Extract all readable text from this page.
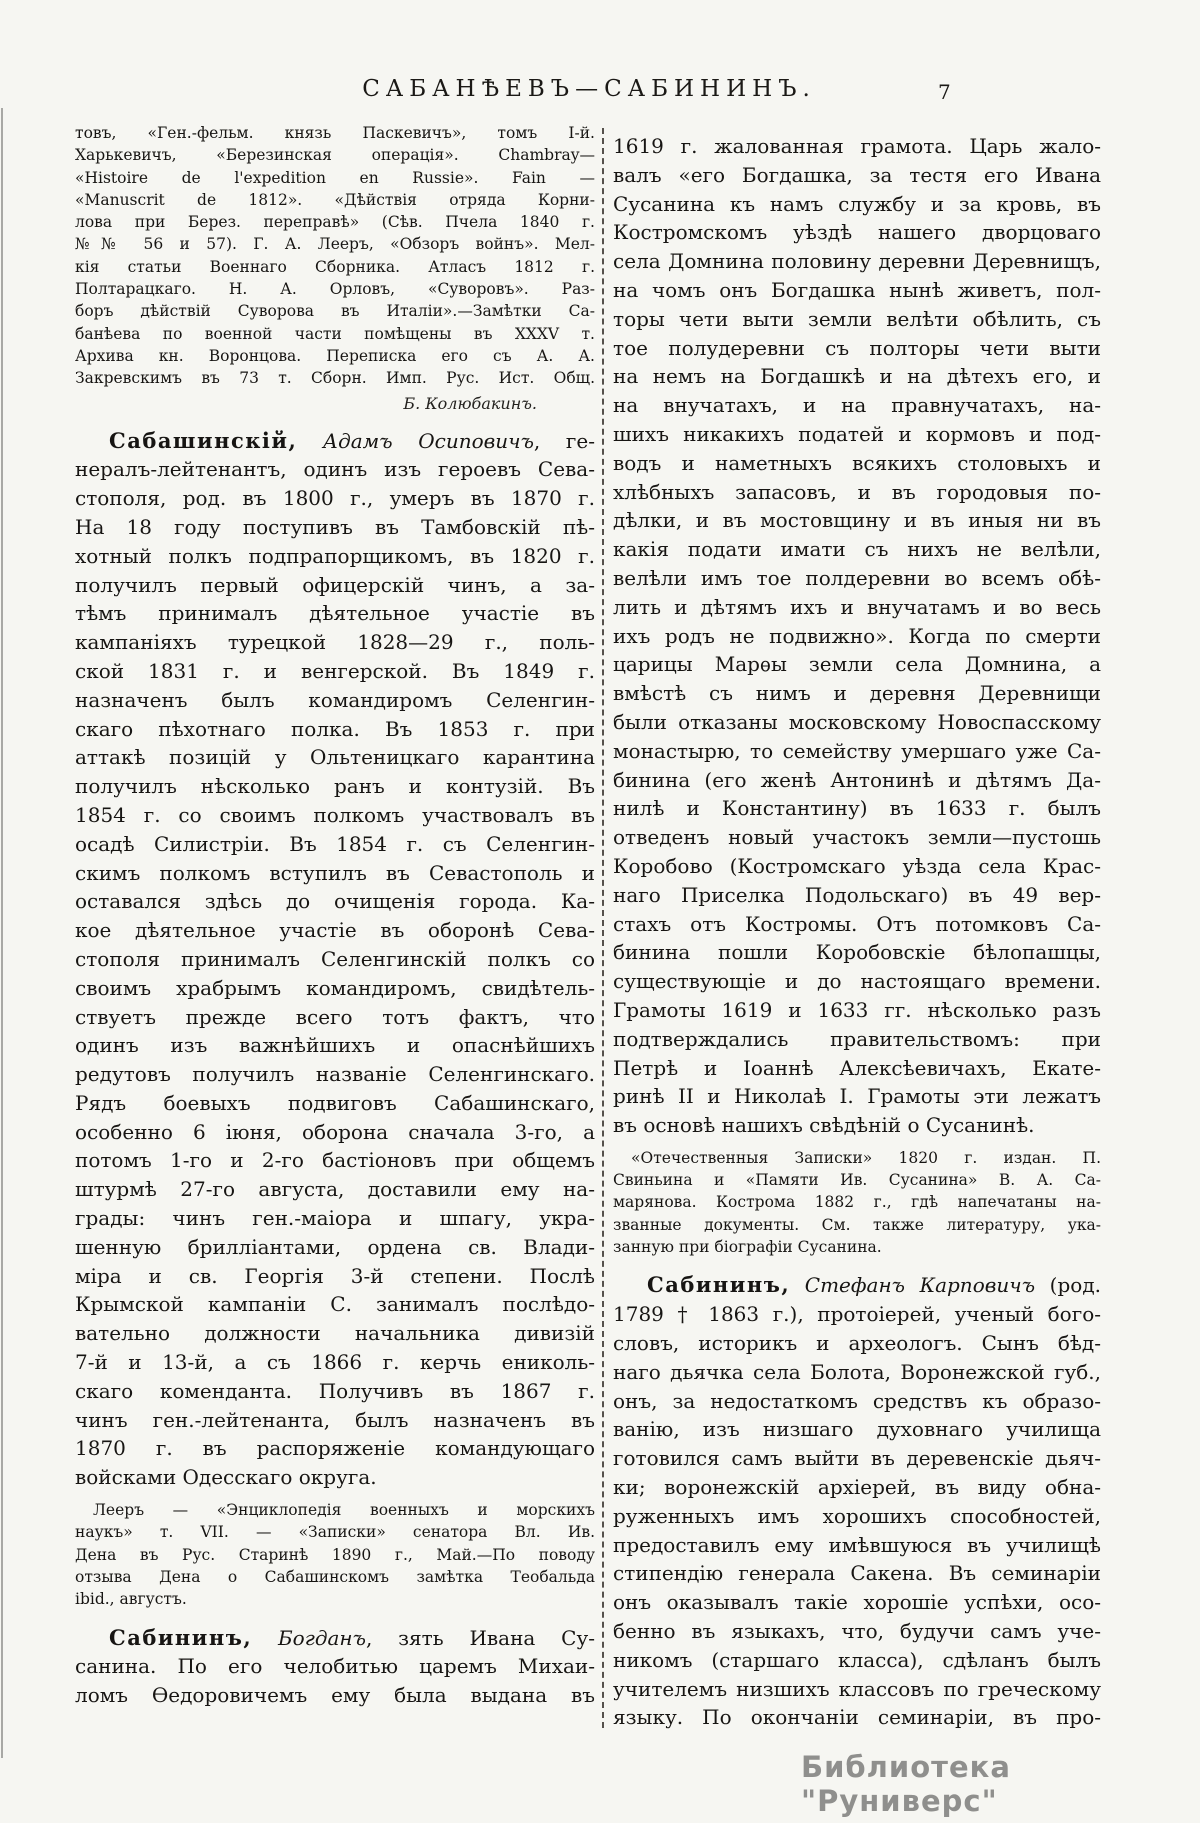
САБАНѢЕВЪ—САБИНИНЪ.	7
товъ, «Ген.-фельм. князь Паскевичъ», томъ I-й.
Харькевичъ, «Березинская операція». Chambray—
«Histoire de l'expedition en Russie». Fain —
«Manuscrit de 1812». «Дѣйствія отряда Корни-
лова при Берез. переправѣ» (Сѣв. Пчела 1840 г.
№№ 56 и 57). Г. А. Лееръ, «Обзоръ войнъ». Мел-
кія статьи Военнаго Сборника. Атласъ 1812 г.
Полтарацкаго. Н. А. Орловъ, «Суворовъ». Раз-
боръ дѣйствій Суворова въ Италіи».—Замѣтки Са-
банѣева по военной части помѣщены въ XXXV т.
Архива кн. Воронцова. Переписка его съ А. А.
Закревскимъ въ 73 т. Сборн. Имп. Рус. Ист. Общ.
Б. Колюбакинъ.
Сабашинскій, Адамъ Осиповичъ, ге-
нералъ-лейтенантъ, одинъ изъ героевъ Сева-
стополя, род. въ 1800 г., умеръ въ 1870 г.
На 18 году поступивъ въ Тамбовскій пѣ-
хотный полкъ подпрапорщикомъ, въ 1820 г.
получилъ первый офицерскій чинъ, а за-
тѣмъ принималъ дѣятельное участіе въ
кампаніяхъ турецкой 1828—29 г., поль-
ской 1831 г. и венгерской. Въ 1849 г.
назначенъ былъ командиромъ Селенгин-
скаго пѣхотнаго полка. Въ 1853 г. при
аттакѣ позицій у Ольтеницкаго карантина
получилъ нѣсколько ранъ и контузій. Въ
1854 г. со своимъ полкомъ участвовалъ въ
осадѣ Силистріи. Въ 1854 г. съ Селенгин-
скимъ полкомъ вступилъ въ Севастополь и
оставался здѣсь до очищенія города. Ка-
кое дѣятельное участіе въ оборонѣ Сева-
стополя принималъ Селенгинскій полкъ со
своимъ храбрымъ командиромъ, свидѣтель-
ствуетъ прежде всего тотъ фактъ, что
одинъ изъ важнѣйшихъ и опаснѣйшихъ
редутовъ получилъ названіе Селенгинскаго.
Рядъ боевыхъ подвиговъ Сабашинскаго,
особенно 6 іюня, оборона сначала 3-го, а
потомъ 1-го и 2-го бастіоновъ при общемъ
штурмѣ 27-го августа, доставили ему на-
грады: чинъ ген.-маіора и шпагу, укра-
шенную брилліантами, ордена св. Влади-
міра и св. Георгія 3-й степени. Послѣ
Крымской кампаніи С. занималъ послѣдо-
вательно должности начальника дивизій
7-й и 13-й, а съ 1866 г. керчь ениколь-
скаго коменданта. Получивъ въ 1867 г.
чинъ ген.-лейтенанта, былъ назначенъ въ
1870 г. въ распоряженіе командующаго
войсками Одесскаго округа.
Лееръ — «Энциклопедія военныхъ и морскихъ
наукъ» т. VII. — «Записки» сенатора Вл. Ив.
Дена въ Рус. Старинѣ 1890 г., Май.—По поводу
отзыва Дена о Сабашинскомъ замѣтка Теобальда
ibid., августъ.
Сабининъ, Богданъ, зять Ивана Су-
санина. По его челобитью царемъ Михаи-
ломъ Ѳедоровичемъ ему была выдана въ
1619 г. жалованная грамота. Царь жало-
валъ «его Богдашка, за тестя его Ивана
Сусанина къ намъ службу и за кровь, въ
Костромскомъ уѣздѣ нашего дворцоваго
села Домнина половину деревни Деревнищъ,
на чомъ онъ Богдашка нынѣ живетъ, пол-
торы чети выти земли велѣти обѣлить, съ
тое полудеревни съ полторы чети выти
на немъ на Богдашкѣ и на дѣтехъ его, и
на внучатахъ, и на правнучатахъ, на-
шихъ никакихъ податей и кормовъ и под-
водъ и наметныхъ всякихъ столовыхъ и
хлѣбныхъ запасовъ, и въ городовыя по-
дѣлки, и въ мостовщину и въ иныя ни въ
какія подати имати съ нихъ не велѣли,
велѣли имъ тое полдеревни во всемъ обѣ-
лить и дѣтямъ ихъ и внучатамъ и во весь
ихъ родъ не подвижно». Когда по смерти
царицы Марѳы земли села Домнина, а
вмѣстѣ съ нимъ и деревня Деревнищи
были отказаны московскому Новоспасскому
монастырю, то семейству умершаго уже Са-
бинина (его женѣ Антонинѣ и дѣтямъ Да-
нилѣ и Константину) въ 1633 г. былъ
отведенъ новый участокъ земли—пустошь
Коробово (Костромскаго уѣзда села Крас-
наго Приселка Подольскаго) въ 49 вер-
стахъ отъ Костромы. Отъ потомковъ Са-
бинина пошли Коробовскіе бѣлопашцы,
существующіе и до настоящаго времени.
Грамоты 1619 и 1633 гг. нѣсколько разъ
подтверждались правительствомъ: при
Петрѣ и Іоаннѣ Алексѣевичахъ, Екате-
ринѣ II и Николаѣ I. Грамоты эти лежатъ
въ основѣ нашихъ свѣдѣній о Сусанинѣ.
«Отечественныя Записки» 1820 г. издан. П.
Свиньина и «Памяти Ив. Сусанина» В. А. Са-
марянова. Кострома 1882 г., гдѣ напечатаны на-
званные документы. См. также литературу, ука-
занную при біографіи Сусанина.
Сабининъ, Стефанъ Карповичъ (род.
1789 † 1863 г.), протоіерей, ученый бого-
словъ, историкъ и археологъ. Сынъ бѣд-
наго дьячка села Болота, Воронежской губ.,
онъ, за недостаткомъ средствъ къ образо-
ванію, изъ низшаго духовнаго училища
готовился самъ выйти въ деревенскіе дьяч-
ки; воронежскій архіерей, въ виду обна-
руженныхъ имъ хорошихъ способностей,
предоставилъ ему имѣвшуюся въ училищѣ
стипендію генерала Сакена. Въ семинаріи
онъ оказывалъ такіе хорошіе успѣхи, осо-
бенно въ языкахъ, что, будучи самъ уче-
никомъ (старшаго класса), сдѣланъ былъ
учителемъ низшихъ классовъ по греческому
языку. По окончаніи семинаріи, въ про-
Библиотека "Руниверс"
